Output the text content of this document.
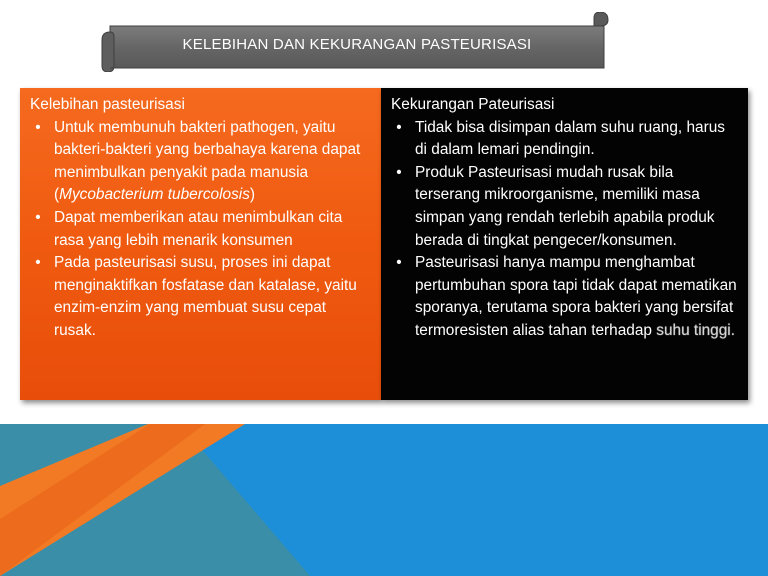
KELEBIHAN DAN KEKURANGAN PASTEURISASI
Kelebihan pasteurisasi
• Untuk membunuh bakteri pathogen, yaitu bakteri-bakteri yang berbahaya karena dapat menimbulkan penyakit pada manusia (Mycobacterium tubercolosis)
• Dapat memberikan atau menimbulkan cita rasa yang lebih menarik konsumen
• Pada pasteurisasi susu, proses ini dapat menginaktifkan fosfatase dan katalase, yaitu enzim-enzim yang membuat susu cepat rusak.
Kekurangan Pateurisasi
• Tidak bisa disimpan dalam suhu ruang, harus di dalam lemari pendingin.
• Produk Pasteurisasi mudah rusak bila terserang mikroorganisme, memiliki masa simpan yang rendah terlebih apabila produk berada di tingkat pengecer/konsumen.
• Pasteurisasi hanya mampu menghambat pertumbuhan spora tapi tidak dapat mematikan sporanya, terutama spora bakteri yang bersifat termoresisten alias tahan terhadap suhu tinggi.
